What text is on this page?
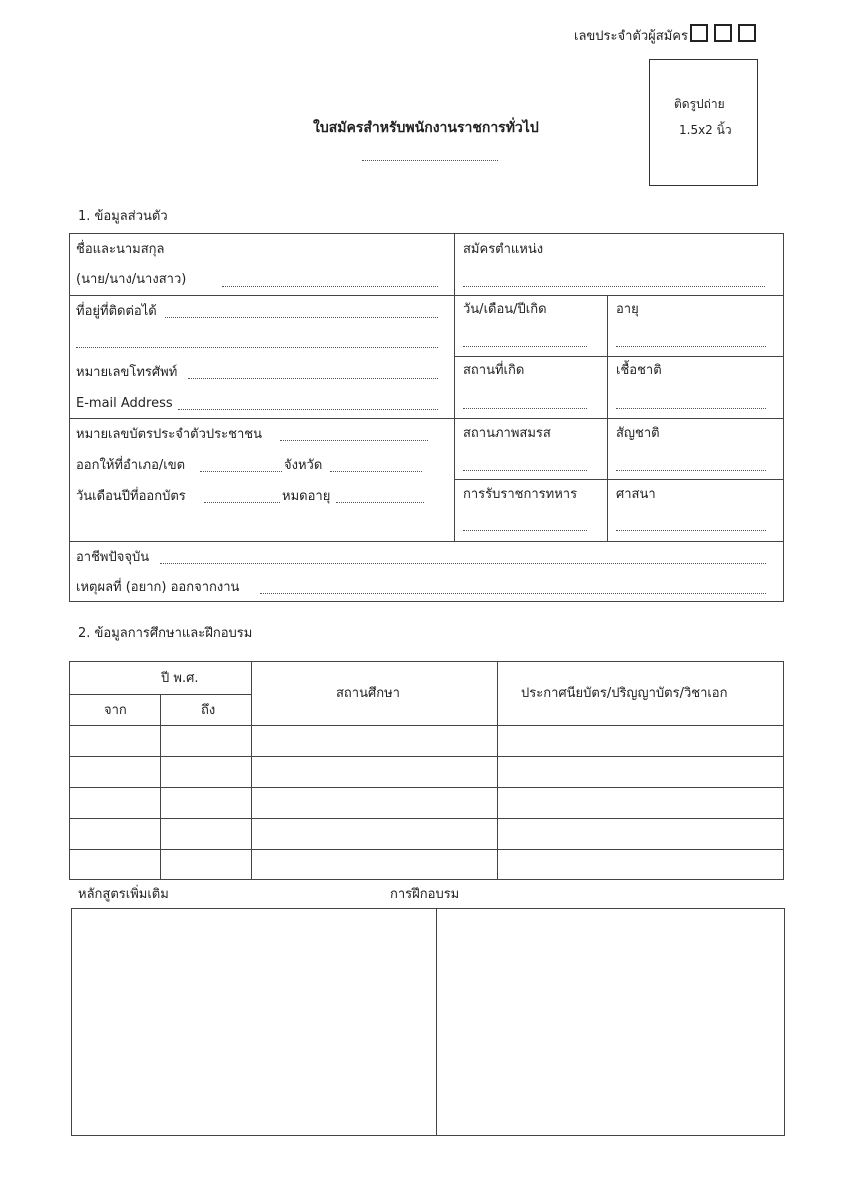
เลขประจำตัวผู้สมัคร
ติดรูปถ่าย
1.5x2 นิ้ว
ใบสมัครสำหรับพนักงานราชการทั่วไป
1. ข้อมูลส่วนตัว
ชื่อและนามสกุล
(นาย/นาง/นางสาว)
สมัครตำแหน่ง
ที่อยู่ที่ติดต่อได้
หมายเลขโทรศัพท์
E-mail Address
วัน/เดือน/ปีเกิด	อายุ
สถานที่เกิด	เชื้อชาติ
หมายเลขบัตรประจำตัวประชาชน
ออกให้ที่อำเภอ/เขต	จังหวัด
วันเดือนปีที่ออกบัตร	หมดอายุ
สถานภาพสมรส	สัญชาติ
การรับราชการทหาร	ศาสนา
อาชีพปัจจุบัน
เหตุผลที่ (อยาก) ออกจากงาน
2. ข้อมูลการศึกษาและฝึกอบรม
ปี พ.ศ.
จาก	ถึง
สถานศึกษา	ประกาศนียบัตร/ปริญญาบัตร/วิชาเอก
หลักสูตรเพิ่มเติม	การฝึกอบรม
